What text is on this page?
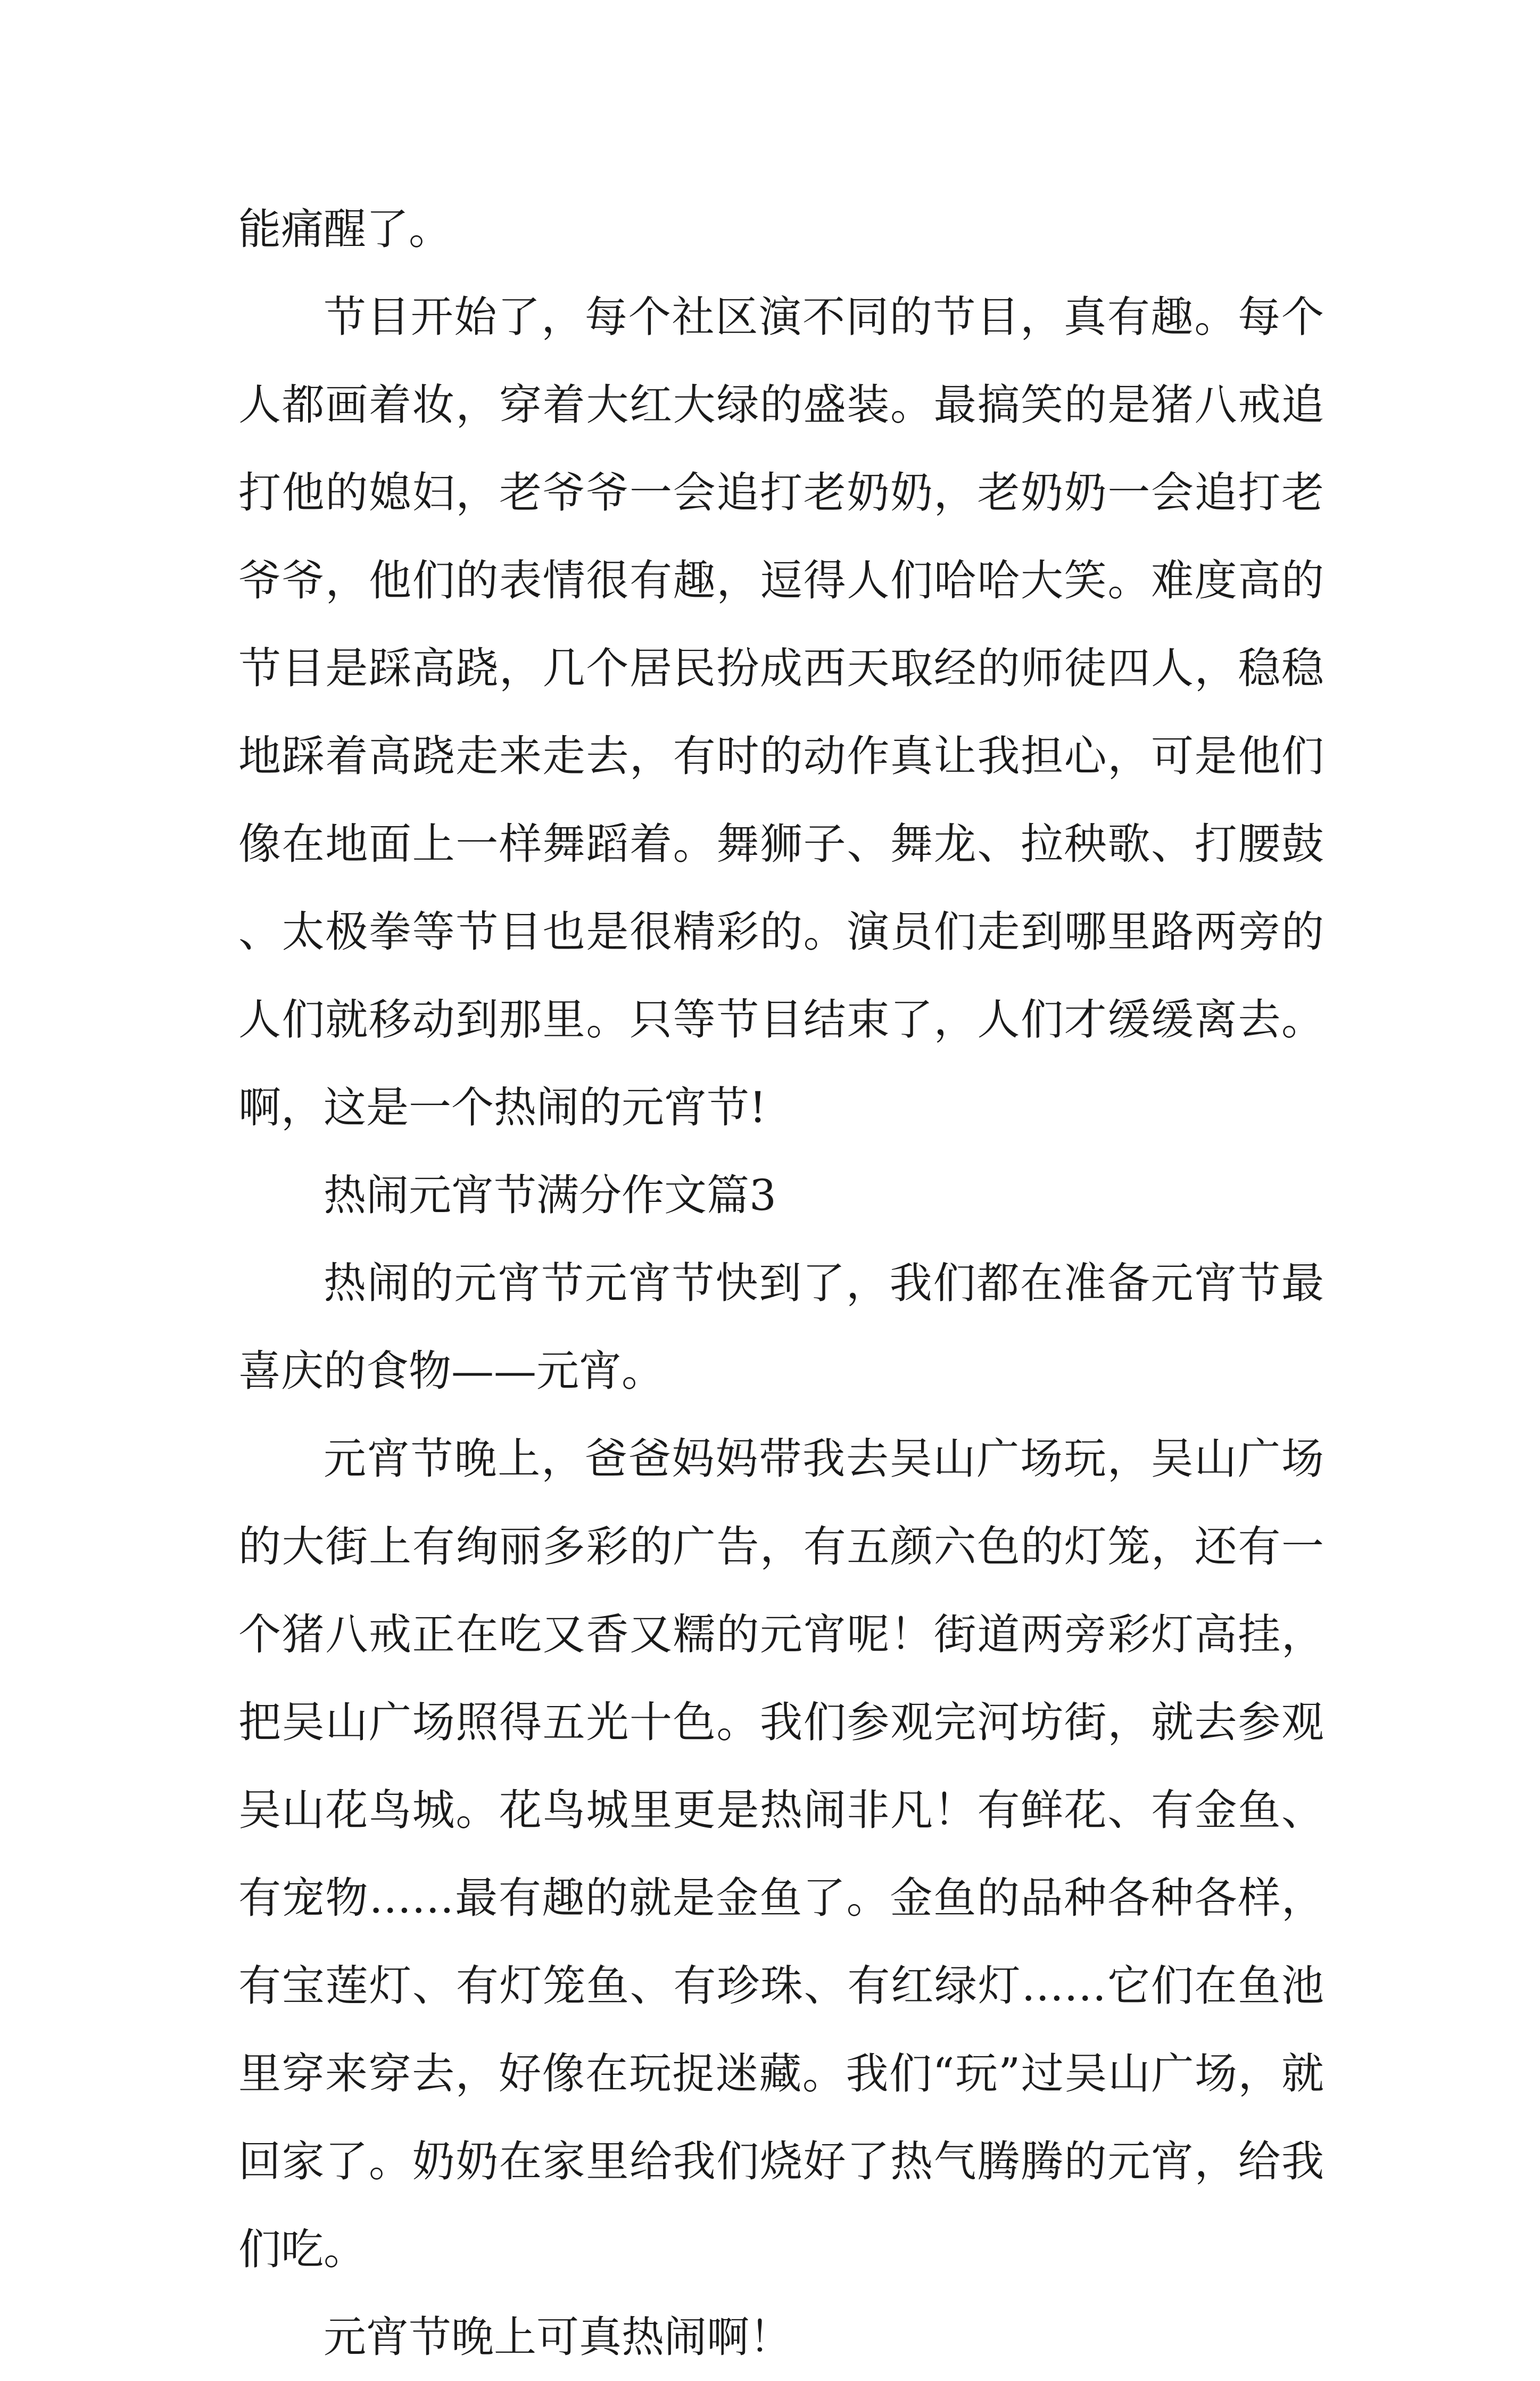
能痛醒了。

节目开始了，每个社区演不同的节目，真有趣。每个人都画着妆，穿着大红大绿的盛装。最搞笑的是猪八戒追打他的媳妇，老爷爷一会追打老奶奶，老奶奶一会追打老爷爷，他们的表情很有趣，逗得人们哈哈大笑。难度高的节目是踩高跷，几个居民扮成西天取经的师徒四人，稳稳地踩着高跷走来走去，有时的动作真让我担心，可是他们像在地面上一样舞蹈着。舞狮子、舞龙、拉秧歌、打腰鼓、太极拳等节目也是很精彩的。演员们走到哪里路两旁的人们就移动到那里。只等节目结束了，人们才缓缓离去。啊，这是一个热闹的元宵节!

热闹元宵节满分作文篇3

热闹的元宵节元宵节快到了，我们都在准备元宵节最喜庆的食物——元宵。

元宵节晚上，爸爸妈妈带我去吴山广场玩，吴山广场的大街上有绚丽多彩的广告，有五颜六色的灯笼，还有一个猪八戒正在吃又香又糯的元宵呢！街道两旁彩灯高挂，把吴山广场照得五光十色。我们参观完河坊街，就去参观吴山花鸟城。花鸟城里更是热闹非凡！有鲜花、有金鱼、有宠物……最有趣的就是金鱼了。金鱼的品种各种各样，有宝莲灯、有灯笼鱼、有珍珠、有红绿灯……它们在鱼池里穿来穿去，好像在玩捉迷藏。我们“玩”过吴山广场，就回家了。奶奶在家里给我们烧好了热气腾腾的元宵，给我们吃。

元宵节晚上可真热闹啊！
